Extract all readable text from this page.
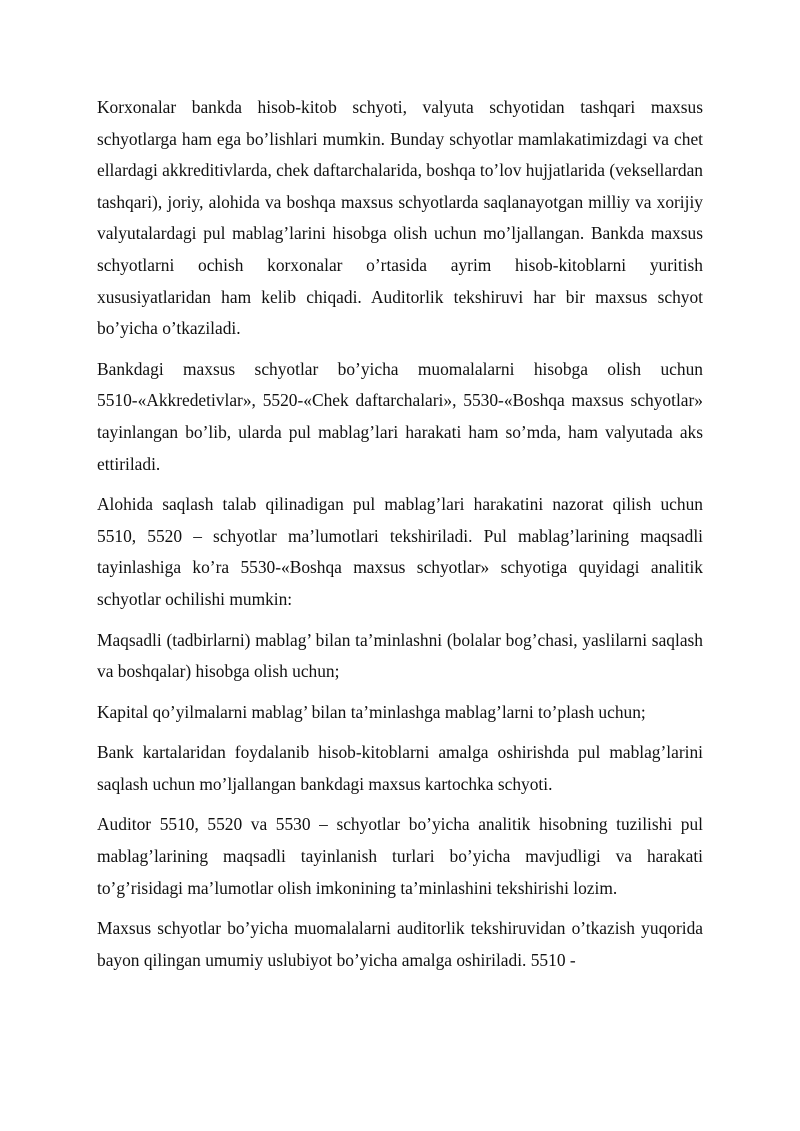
Korxonalar bankda hisob-kitob schyoti, valyuta schyotidan tashqari maxsus schyotlarga ham ega bo’lishlari mumkin. Bunday schyotlar mamlakatimizdagi va chet ellardagi akkreditivlarda, chek daftarchalarida, boshqa to’lov hujjatlarida (veksellardan tashqari), joriy, alohida va boshqa maxsus schyotlarda saqlanayotgan milliy va xorijiy valyutalardagi pul mablag’larini hisobga olish uchun mo’ljallangan. Bankda maxsus schyotlarni ochish korxonalar o’rtasida ayrim hisob-kitoblarni yuritish xususiyatlaridan ham kelib chiqadi. Auditorlik tekshiruvi har bir maxsus schyot bo’yicha o’tkaziladi.

Bankdagi maxsus schyotlar bo’yicha muomalalarni hisobga olish uchun 5510-«Akkredetivlar», 5520-«Chek daftarchalari», 5530-«Boshqa maxsus schyotlar» tayinlangan bo’lib, ularda pul mablag’lari harakati ham so’mda, ham valyutada aks ettiriladi.

Alohida saqlash talab qilinadigan pul mablag’lari harakatini nazorat qilish uchun 5510, 5520 – schyotlar ma’lumotlari tekshiriladi. Pul mablag’larining maqsadli tayinlashiga ko’ra 5530-«Boshqa maxsus schyotlar» schyotiga quyidagi analitik schyotlar ochilishi mumkin:

Maqsadli (tadbirlarni) mablag’ bilan ta’minlashni (bolalar bog’chasi, yaslilarni saqlash va boshqalar) hisobga olish uchun;

Kapital qo’yilmalarni mablag’ bilan ta’minlashga mablag’larni to’plash uchun;

Bank kartalaridan foydalanib hisob-kitoblarni amalga oshirishda pul mablag’larini saqlash uchun mo’ljallangan bankdagi maxsus kartochka schyoti.

Auditor 5510, 5520 va 5530 – schyotlar bo’yicha analitik hisobning tuzilishi pul mablag’larining maqsadli tayinlanish turlari bo’yicha mavjudligi va harakati to’g’risidagi ma’lumotlar olish imkonining ta’minlashini tekshirishi lozim.

Maxsus schyotlar bo’yicha muomalalarni auditorlik tekshiruvidan o’tkazish yuqorida bayon qilingan umumiy uslubiyot bo’yicha amalga oshiriladi. 5510 -
